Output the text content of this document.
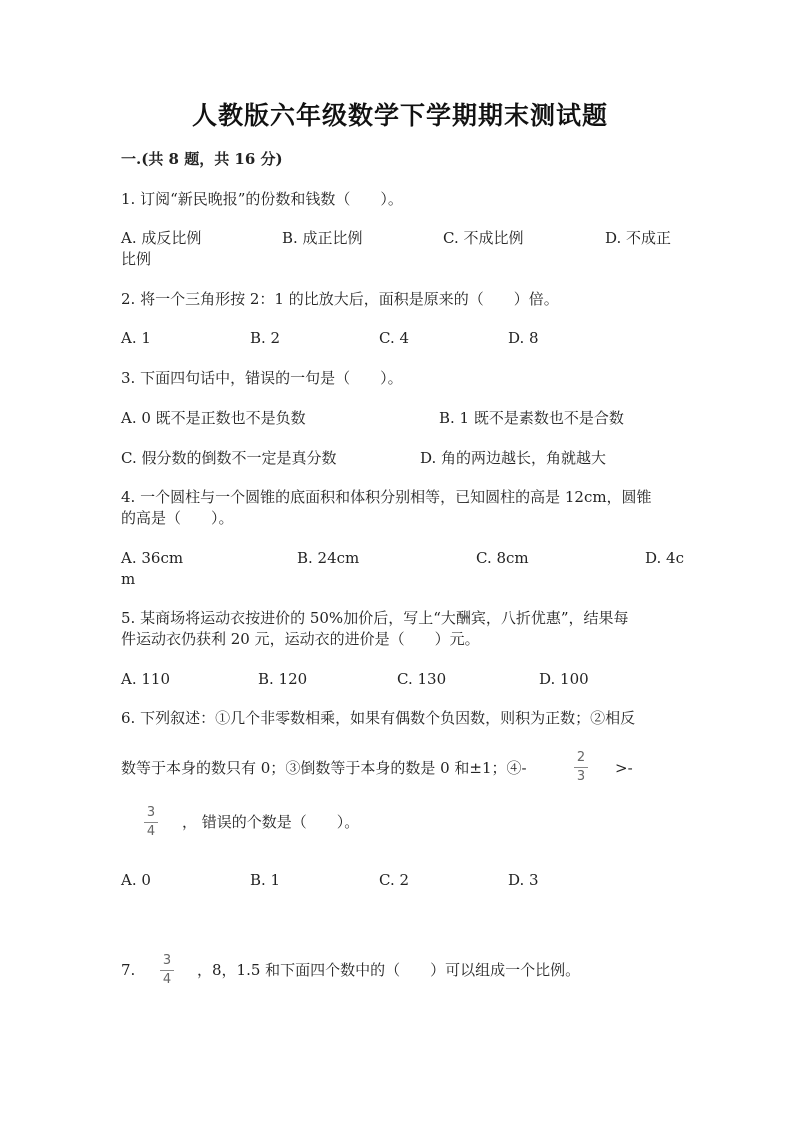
人教版六年级数学下学期期末测试题
一.(共 8 题，共 16 分)
1. 订阅“新民晚报”的份数和钱数（　　）。
A. 成反比例	B. 成正比例	C. 不成比例	D. 不成正
比例
2. 将一个三角形按 2：1 的比放大后，面积是原来的（　　）倍。
A. 1	B. 2	C. 4	D. 8
3. 下面四句话中，错误的一句是（　　）。
A. 0 既不是正数也不是负数	B. 1 既不是素数也不是合数
C. 假分数的倒数不一定是真分数	D. 角的两边越长，角就越大
4. 一个圆柱与一个圆锥的底面积和体积分别相等，已知圆柱的高是 12cm，圆锥
的高是（　　）。
A. 36cm	B. 24cm	C. 8cm	D. 4c
m
5. 某商场将运动衣按进价的 50%加价后，写上“大酬宾，八折优惠”，结果每
件运动衣仍获利 20 元，运动衣的进价是（　　）元。
A. 110	B. 120	C. 130	D. 100
6. 下列叙述：①几个非零数相乘，如果有偶数个负因数，则积为正数；②相反
数等于本身的数只有 0；③倒数等于本身的数是 0 和±1；④-
2
3 >-
3
4
， 错误的个数是（　　）。
A. 0	B. 1	C. 2	D. 3
7.
3
4
，8，1.5 和下面四个数中的（　　）可以组成一个比例。
